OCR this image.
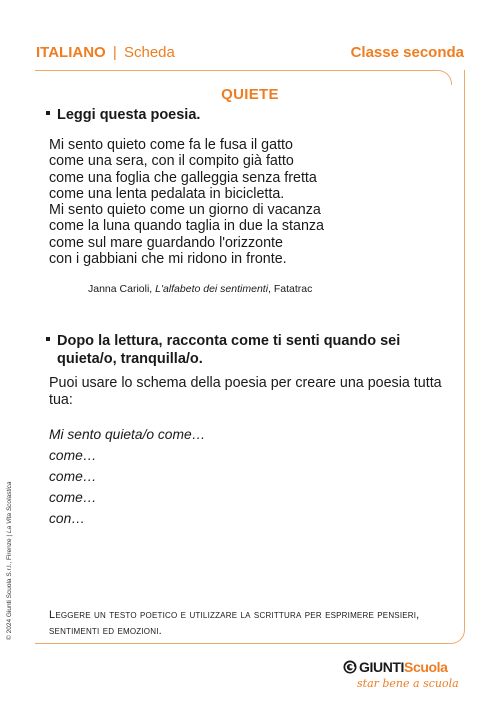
ITALIANO | Scheda	Classe seconda
QUIETE
Leggi questa poesia.
Mi sento quieto come fa le fusa il gatto
come una sera, con il compito già fatto
come una foglia che galleggia senza fretta
come una lenta pedalata in bicicletta.
Mi sento quieto come un giorno di vacanza
come la luna quando taglia in due la stanza
come sul mare guardando l'orizzonte
con i gabbiani che mi ridono in fronte.
Janna Carioli, L'alfabeto dei sentimenti, Fatatrac
Dopo la lettura, racconta come ti senti quando sei
quieta/o, tranquilla/o.
Puoi usare lo schema della poesia per creare una poesia tutta tua:
Mi sento quieta/o come…
come…
come…
come…
con…
Leggere un testo poetico e utilizzare la scrittura per esprimere pensieri, sentimenti ed emozioni.
© 2024 Giunti Scuola S.r.l., Firenze | La Vita Scolastica
GIUNTIScuola
star bene a scuola
